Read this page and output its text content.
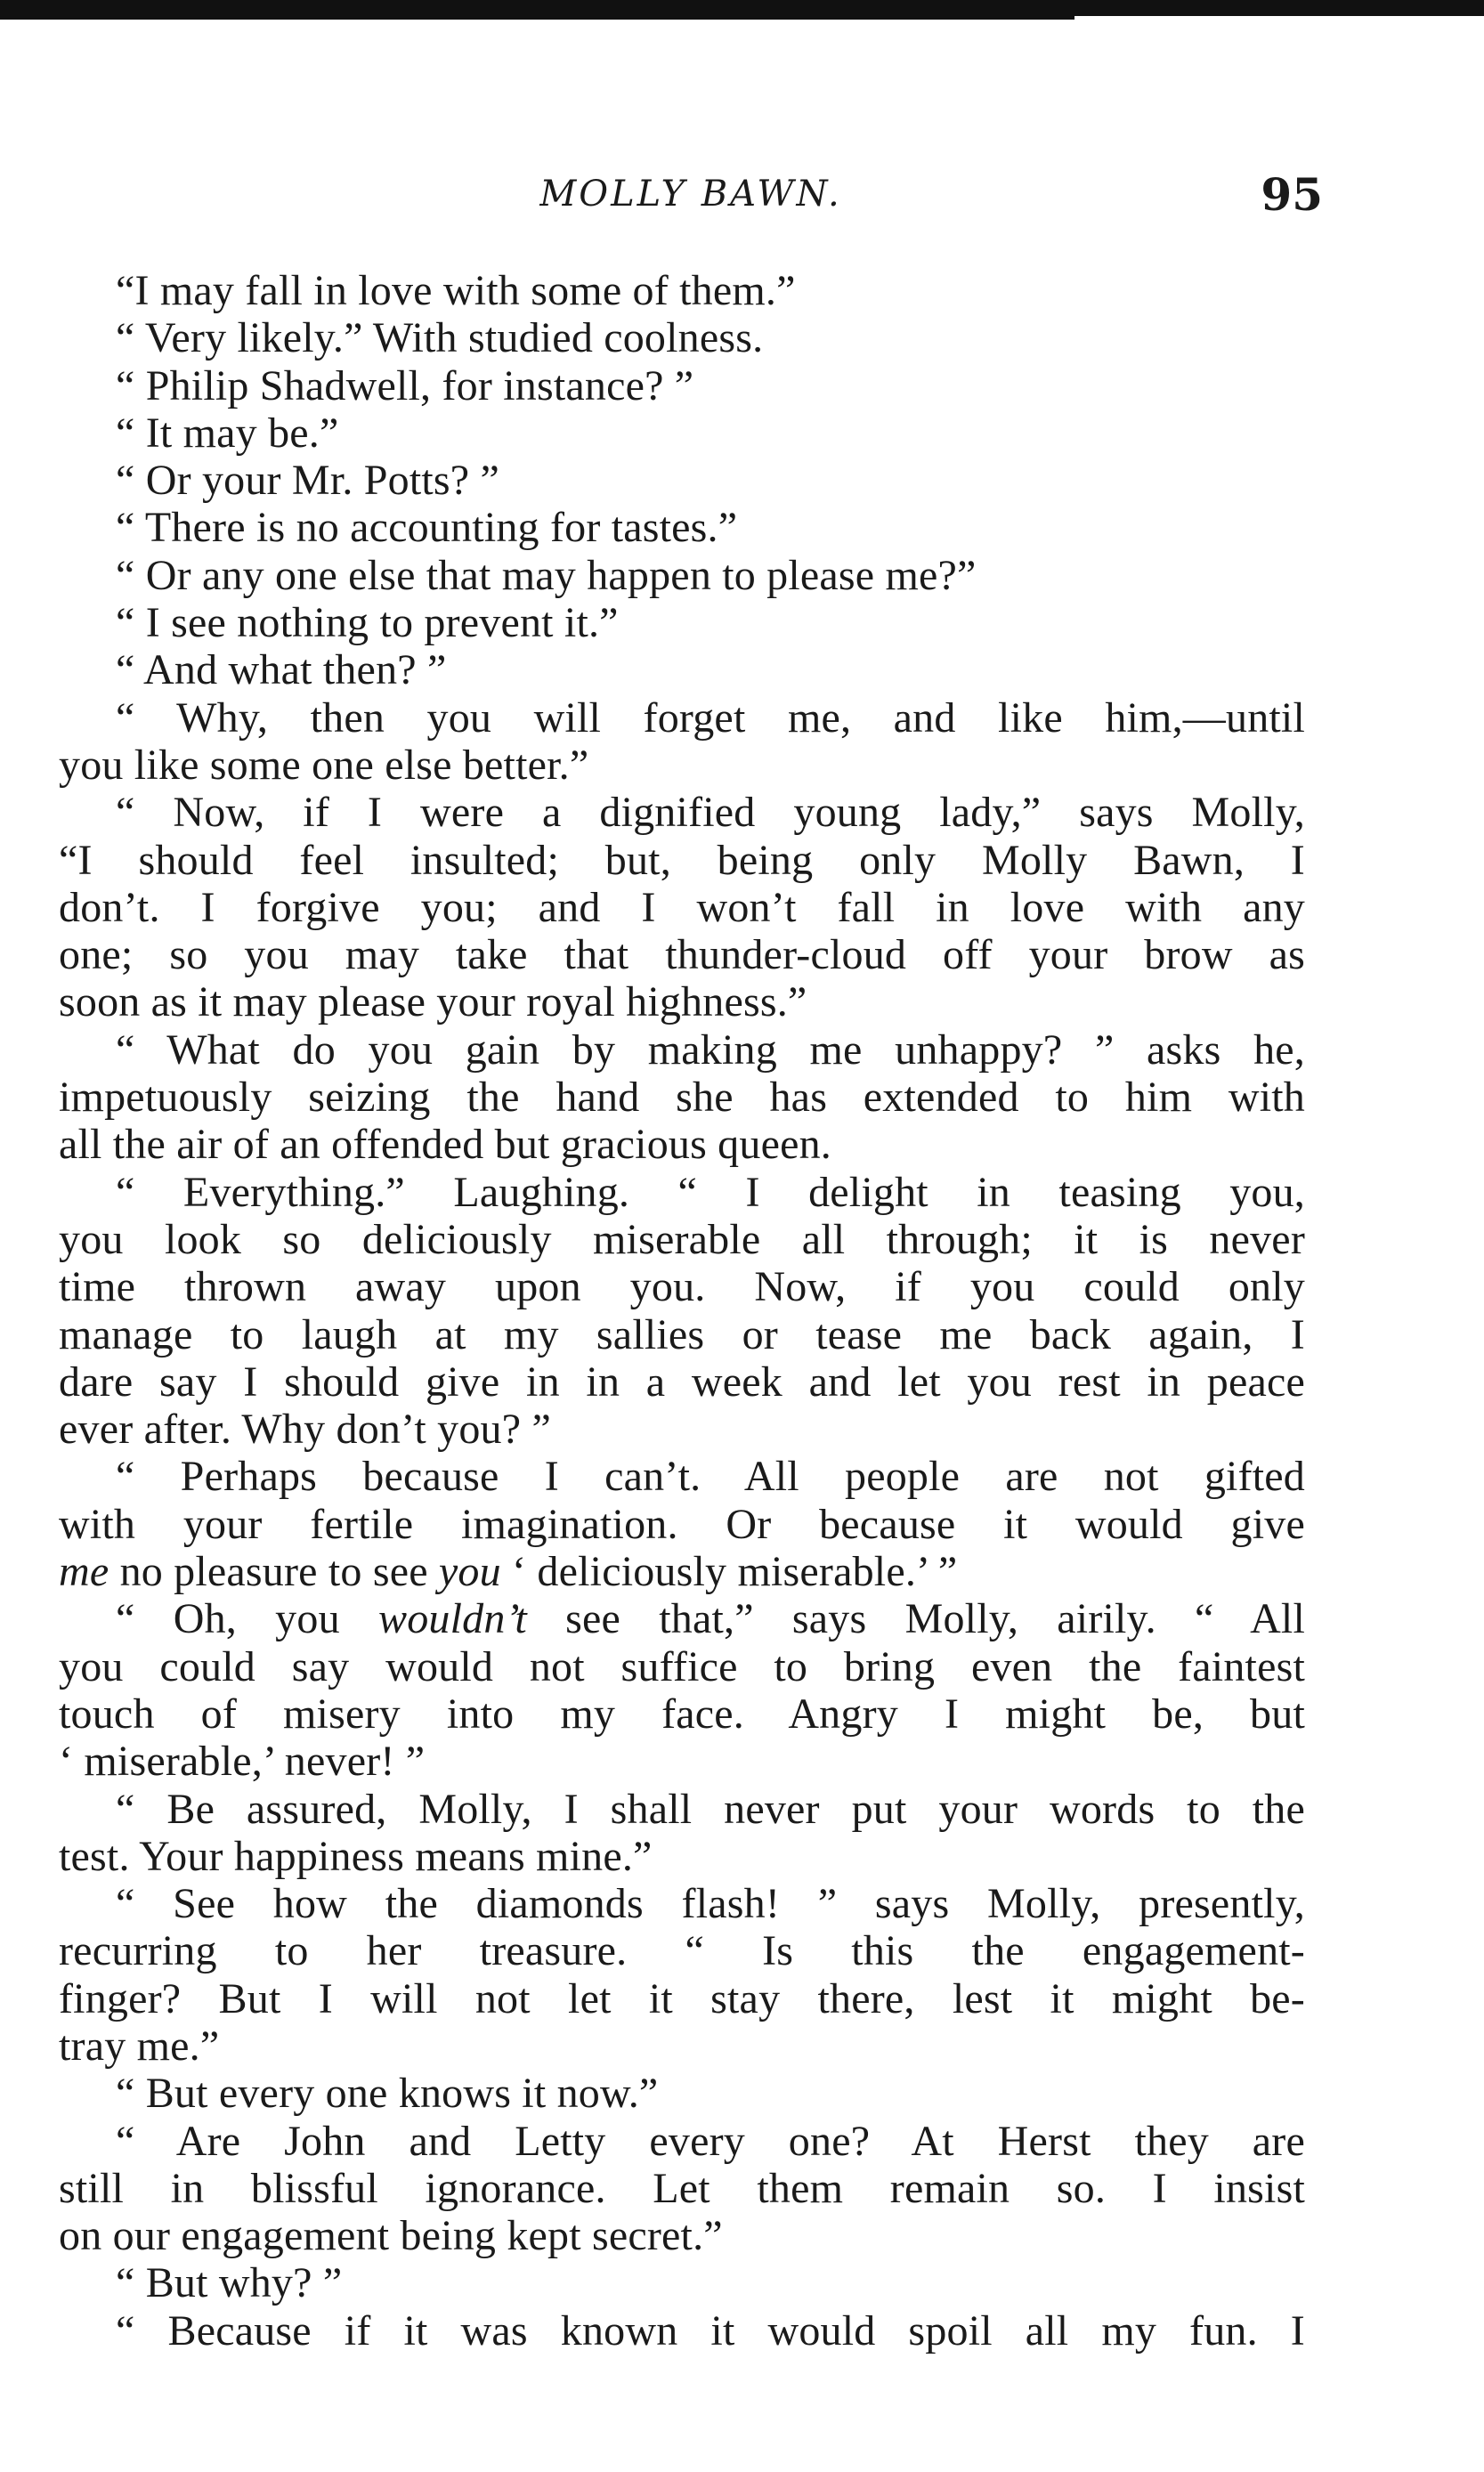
MOLLY BAWN.	95
“I may fall in love with some of them.”
“ Very likely.” With studied coolness.
“ Philip Shadwell, for instance? ”
“ It may be.”
“ Or your Mr. Potts? ”
“ There is no accounting for tastes.”
“ Or any one else that may happen to please me?”
“ I see nothing to prevent it.”
“ And what then? ”
“ Why, then you will forget me, and like him,—until
you like some one else better.”
“ Now, if I were a dignified young lady,” says Molly,
“I should feel insulted; but, being only Molly Bawn, I
don’t. I forgive you; and I won’t fall in love with any
one; so you may take that thunder-cloud off your brow as
soon as it may please your royal highness.”
“ What do you gain by making me unhappy? ” asks he,
impetuously seizing the hand she has extended to him with
all the air of an offended but gracious queen.
“ Everything.” Laughing. “ I delight in teasing you,
you look so deliciously miserable all through; it is never
time thrown away upon you. Now, if you could only
manage to laugh at my sallies or tease me back again, I
dare say I should give in in a week and let you rest in peace
ever after. Why don’t you? ”
“ Perhaps because I can’t. All people are not gifted
with your fertile imagination. Or because it would give
me no pleasure to see you ‘ deliciously miserable.’ ”
“ Oh, you wouldn’t see that,” says Molly, airily. “ All
you could say would not suffice to bring even the faintest
touch of misery into my face. Angry I might be, but
‘ miserable,’ never! ”
“ Be assured, Molly, I shall never put your words to the
test. Your happiness means mine.”
“ See how the diamonds flash! ” says Molly, presently,
recurring to her treasure. “ Is this the engagement-
finger? But I will not let it stay there, lest it might be-
tray me.”
“ But every one knows it now.”
“ Are John and Letty every one? At Herst they are
still in blissful ignorance. Let them remain so. I insist
on our engagement being kept secret.”
“ But why? ”
“ Because if it was known it would spoil all my fun. I
